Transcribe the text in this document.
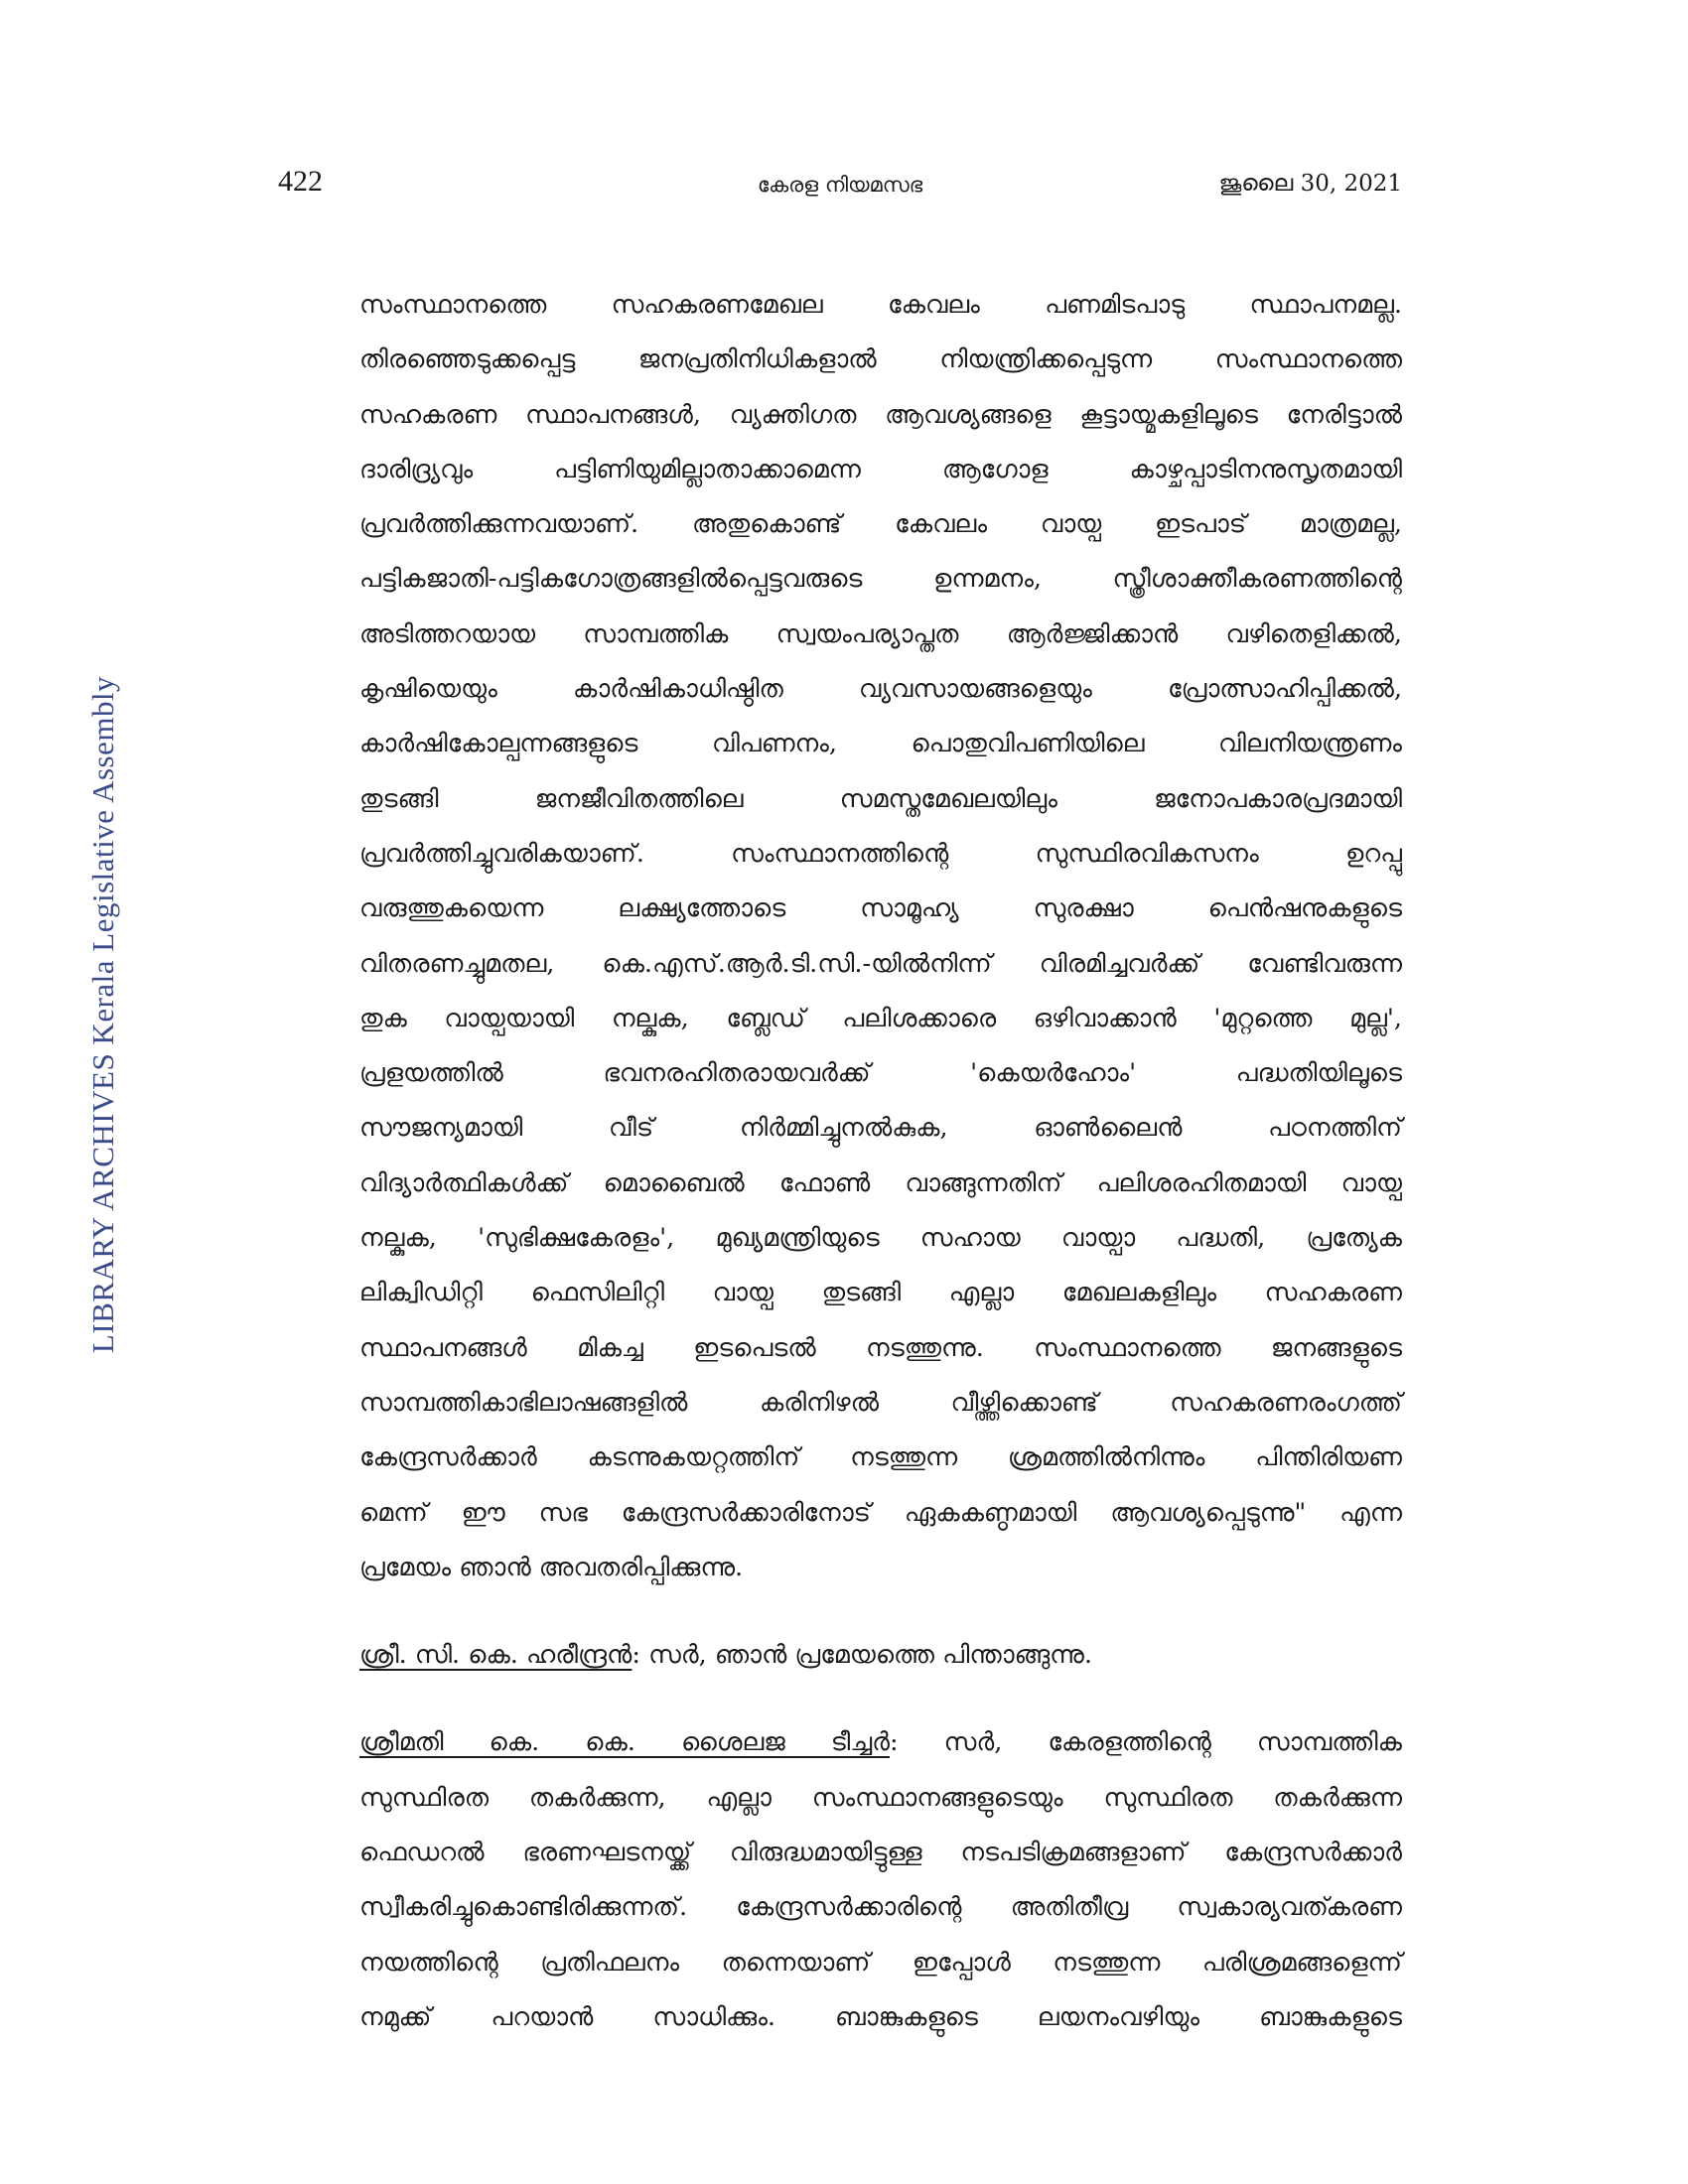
422	കേരള നിയമസഭ	ജൂലൈ 30, 2021
LIBRARY ARCHIVES Kerala Legislative Assembly
സംസ്ഥാനത്തെ സഹകരണമേഖല കേവലം പണമിടപാടു സ്ഥാപനമല്ല.
തിരഞ്ഞെടുക്കപ്പെട്ട ജനപ്രതിനിധികളാൽ നിയന്ത്രിക്കപ്പെടുന്ന സംസ്ഥാനത്തെ
സഹകരണ സ്ഥാപനങ്ങൾ, വ്യക്തിഗത ആവശ്യങ്ങളെ കൂട്ടായ്മകളിലൂടെ നേരിട്ടാൽ
ദാരിദ്ര്യവും പട്ടിണിയുമില്ലാതാക്കാമെന്ന ആഗോള കാഴ്ചപ്പാടിനനുസൃതമായി
പ്രവർത്തിക്കുന്നവയാണ്. അതുകൊണ്ട് കേവലം വായ്പ ഇടപാട് മാത്രമല്ല,
പട്ടികജാതി-പട്ടികഗോത്രങ്ങളിൽപ്പെട്ടവരുടെ ഉന്നമനം, സ്ത്രീശാക്തീകരണത്തിന്റെ
അടിത്തറയായ സാമ്പത്തിക സ്വയംപര്യാപ്തത ആർജ്ജിക്കാൻ വഴിതെളിക്കൽ,
കൃഷിയെയും കാർഷികാധിഷ്ഠിത വ്യവസായങ്ങളെയും പ്രോത്സാഹിപ്പിക്കൽ,
കാർഷികോല്പന്നങ്ങളുടെ വിപണനം, പൊതുവിപണിയിലെ വിലനിയന്ത്രണം
തുടങ്ങി ജനജീവിതത്തിലെ സമസ്തമേഖലയിലും ജനോപകാരപ്രദമായി
പ്രവർത്തിച്ചുവരികയാണ്. സംസ്ഥാനത്തിന്റെ സുസ്ഥിരവികസനം ഉറപ്പു
വരുത്തുകയെന്ന ലക്ഷ്യത്തോടെ സാമൂഹ്യ സുരക്ഷാ പെൻഷനുകളുടെ
വിതരണച്ചുമതല, കെ.എസ്.ആർ.ടി.സി.-യിൽനിന്ന് വിരമിച്ചവർക്ക് വേണ്ടിവരുന്ന
തുക വായ്പയായി നല്കുക, ബ്ലേഡ് പലിശക്കാരെ ഒഴിവാക്കാൻ 'മുറ്റത്തെ മുല്ല',
പ്രളയത്തിൽ ഭവനരഹിതരായവർക്ക് 'കെയർഹോം' പദ്ധതിയിലൂടെ
സൗജന്യമായി വീട് നിർമ്മിച്ചുനൽകുക, ഓൺലൈൻ പഠനത്തിന്
വിദ്യാർത്ഥികൾക്ക് മൊബൈൽ ഫോൺ വാങ്ങുന്നതിന് പലിശരഹിതമായി വായ്പ
നല്കുക, 'സുഭിക്ഷകേരളം', മുഖ്യമന്ത്രിയുടെ സഹായ വായ്പാ പദ്ധതി, പ്രത്യേക
ലിക്വിഡിറ്റി ഫെസിലിറ്റി വായ്പ തുടങ്ങി എല്ലാ മേഖലകളിലും സഹകരണ
സ്ഥാപനങ്ങൾ മികച്ച ഇടപെടൽ നടത്തുന്നു. സംസ്ഥാനത്തെ ജനങ്ങളുടെ
സാമ്പത്തികാഭിലാഷങ്ങളിൽ കരിനിഴൽ വീഴ്ത്തിക്കൊണ്ട് സഹകരണരംഗത്ത്
കേന്ദ്രസർക്കാർ കടന്നുകയറ്റത്തിന് നടത്തുന്ന ശ്രമത്തിൽനിന്നും പിന്തിരിയണ
മെന്ന് ഈ സഭ കേന്ദ്രസർക്കാരിനോട് ഏകകണ്ഠമായി ആവശ്യപ്പെടുന്നു" എന്ന
പ്രമേയം ഞാൻ അവതരിപ്പിക്കുന്നു.
ശ്രീ. സി. കെ. ഹരീന്ദ്രൻ: സർ, ഞാൻ പ്രമേയത്തെ പിന്താങ്ങുന്നു.
ശ്രീമതി കെ. കെ. ശൈലജ ടീച്ചർ: സർ, കേരളത്തിന്റെ സാമ്പത്തിക
സുസ്ഥിരത തകർക്കുന്ന, എല്ലാ സംസ്ഥാനങ്ങളുടെയും സുസ്ഥിരത തകർക്കുന്ന
ഫെഡറൽ ഭരണഘടനയ്ക്ക് വിരുദ്ധമായിട്ടുള്ള നടപടിക്രമങ്ങളാണ് കേന്ദ്രസർക്കാർ
സ്വീകരിച്ചുകൊണ്ടിരിക്കുന്നത്. കേന്ദ്രസർക്കാരിന്റെ അതിതീവ്ര സ്വകാര്യവത്കരണ
നയത്തിന്റെ പ്രതിഫലനം തന്നെയാണ് ഇപ്പോൾ നടത്തുന്ന പരിശ്രമങ്ങളെന്ന്
നമുക്ക് പറയാൻ സാധിക്കും. ബാങ്കുകളുടെ ലയനംവഴിയും ബാങ്കുകളുടെ
